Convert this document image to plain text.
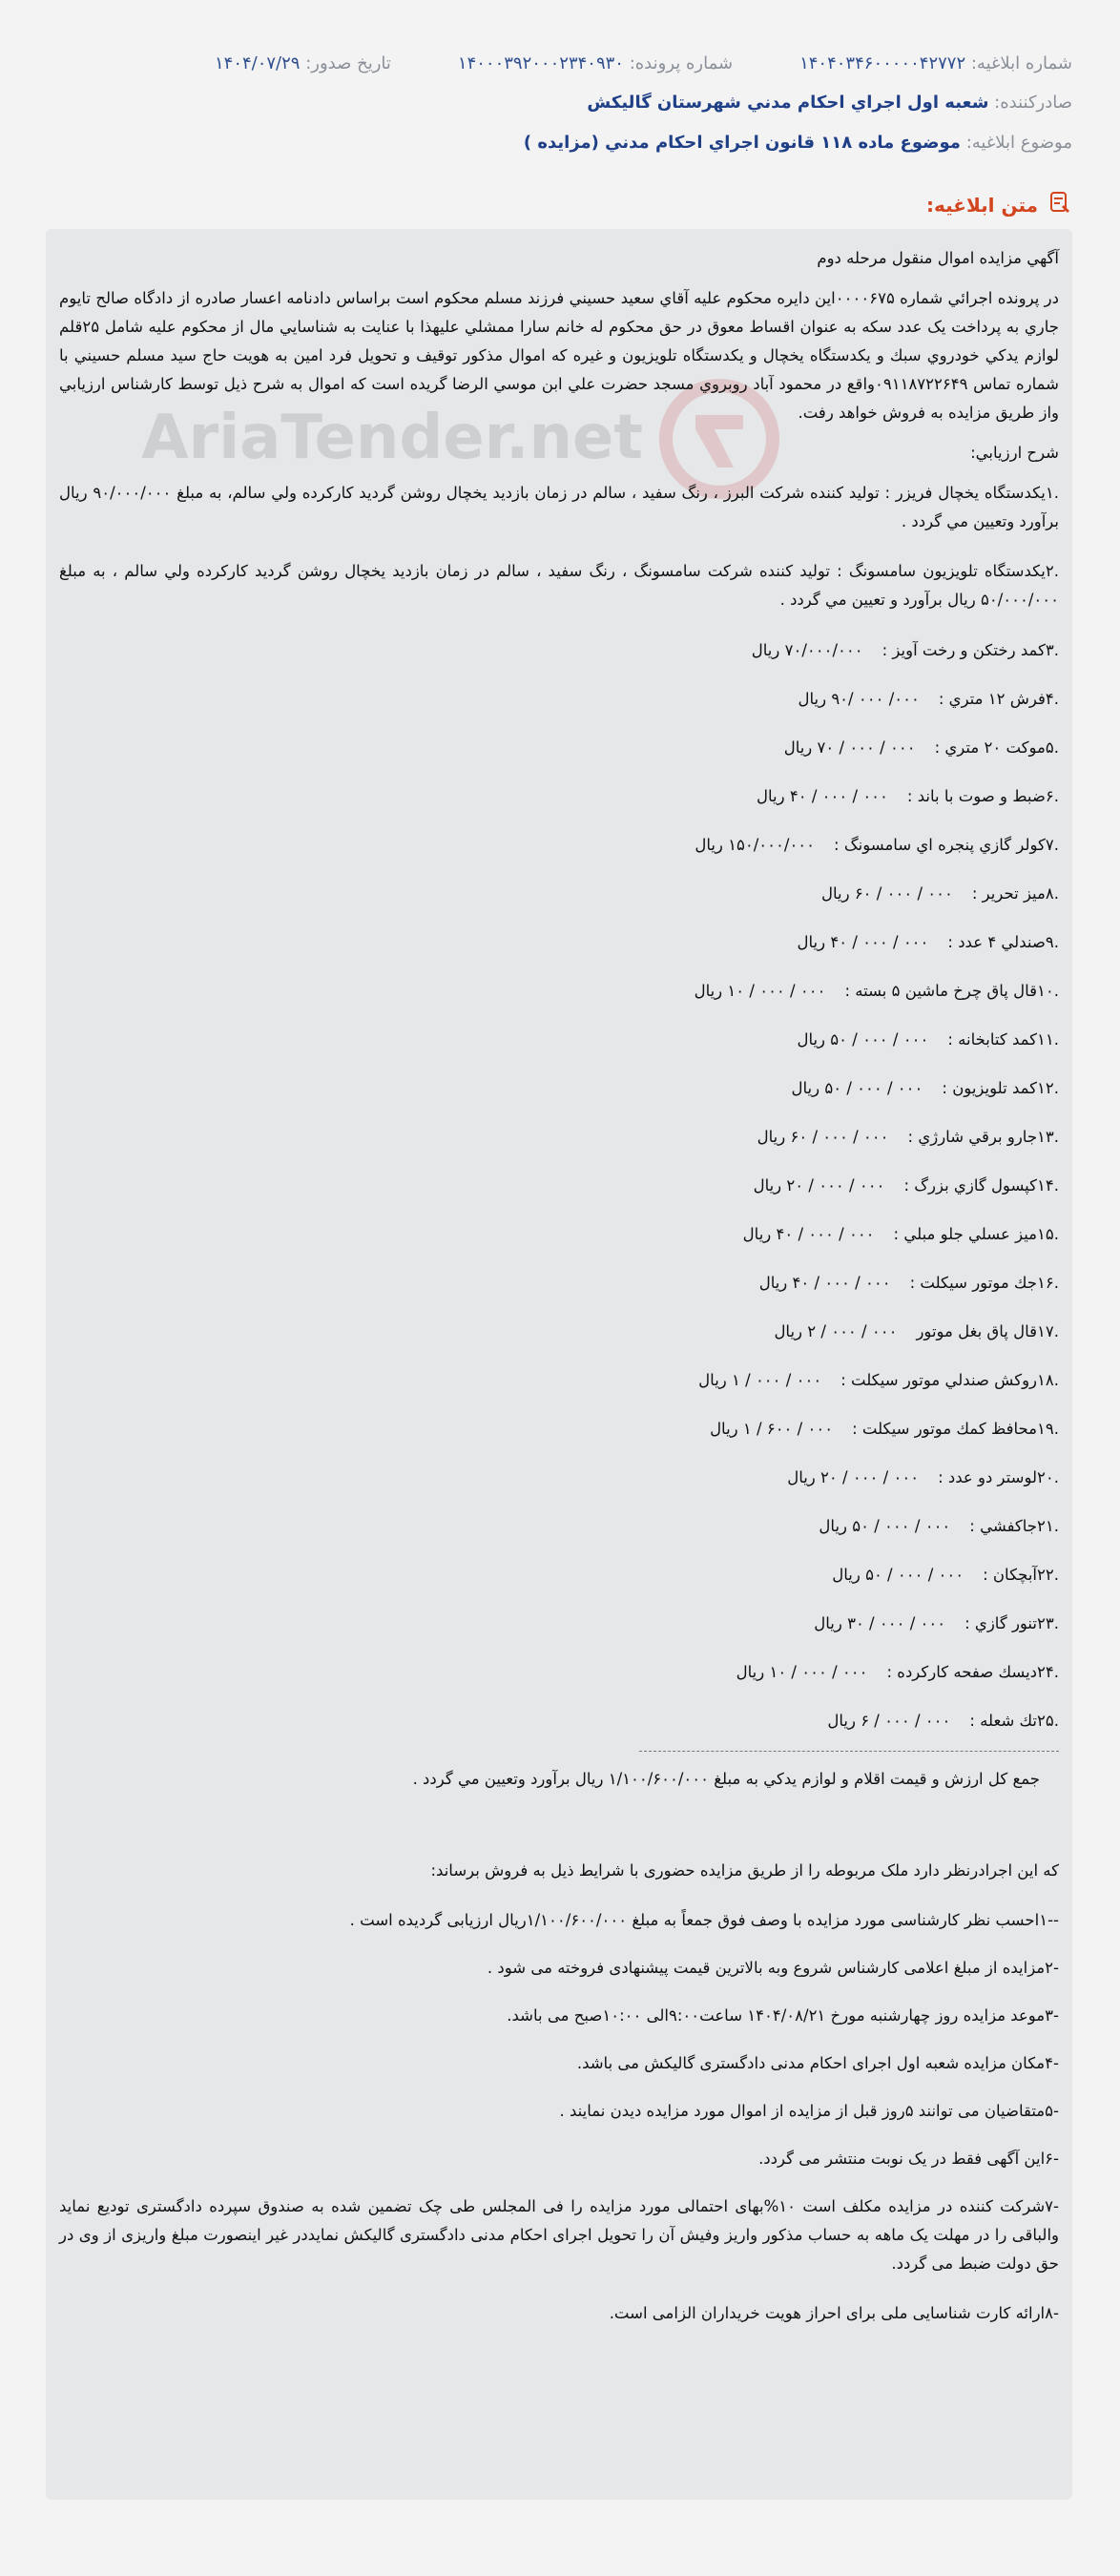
شماره ابلاغیه: ۱۴۰۴۰۳۴۶۰۰۰۰۰۴۲۷۷۲
شماره پرونده: ۱۴۰۰۰۳۹۲۰۰۰۲۳۴۰۹۳۰
تاریخ صدور: ۱۴۰۴/۰۷/۲۹
صادرکننده: شعبه اول اجراي احكام مدني شهرستان گاليكش
موضوع ابلاغیه: موضوع ماده ۱۱۸ قانون اجراي احكام مدني (مزايده )
متن ابلاغیه:

آگهي مزايده اموال منقول مرحله دوم

در پرونده اجرائي شماره ۰۰۰۰۶۷۵اين دايره محكوم عليه آقاي سعيد حسيني فرزند مسلم محكوم است براساس دادنامه اعسار صادره از دادگاه صالح تايوم جاري به پرداخت يک عدد سکه به عنوان اقساط معوق در حق محكوم له خانم سارا ممشلي عليهذا با عنايت به شناسايي مال از محكوم عليه شامل ۲۵قلم لوازم يدكي خودروي سبك و يكدستگاه يخچال و يكدستگاه تلويزيون و غيره كه اموال مذكور توقيف و تحويل فرد امين به هويت حاج سيد مسلم حسيني با شماره تماس ۰۹۱۱۸۷۲۲۶۴۹واقع در محمود آباد روبروي مسجد حضرت علي ابن موسي الرضا گريده است كه اموال به شرح ذيل توسط كارشناس ارزيابي واز طريق مزايده به فروش خواهد رفت.

شرح ارزيابي:

.۱يكدستگاه يخچال فريزر : توليد كننده شركت البرز ، رنگ سفيد ، سالم در زمان بازديد يخچال روشن گرديد كاركرده ولي سالم، به مبلغ ۹۰/۰۰۰/۰۰۰ ريال برآورد وتعيين مي گردد .

.۲يكدستگاه تلويزيون سامسونگ : توليد كننده شركت سامسونگ ، رنگ سفيد ، سالم در زمان بازديد يخچال روشن گرديد كاركرده ولي سالم ، به مبلغ ۵۰/۰۰۰/۰۰۰ ريال برآورد و تعيين مي گردد .

.۳كمد رختكن و رخت آويز :۷۰/۰۰۰/۰۰۰ ريال
.۴فرش ۱۲ متري :۰۰۰/ ۰۰۰ /۹۰ ريال
.۵موكت ۲۰ متري :۰۰۰ / ۰۰۰ / ۷۰ ريال
.۶ضبط و صوت با باند :۰۰۰ / ۰۰۰ / ۴۰ ريال
.۷كولر گازي پنجره اي سامسونگ :۱۵۰/۰۰۰/۰۰۰ ريال
.۸ميز تحرير :۰۰۰ / ۰۰۰ / ۶۰ ريال
.۹صندلي ۴ عدد :۰۰۰ / ۰۰۰ / ۴۰ ريال
.۱۰قال پاق چرخ ماشين ۵ بسته :۰۰۰ / ۰۰۰ / ۱۰ ريال
.۱۱كمد كتابخانه :۰۰۰ / ۰۰۰ / ۵۰ ريال
.۱۲كمد تلويزيون :۰۰۰ / ۰۰۰ / ۵۰ ريال
.۱۳جارو برقي شارژي :۰۰۰ / ۰۰۰ / ۶۰ ريال
.۱۴كپسول گازي بزرگ :۰۰۰ / ۰۰۰ / ۲۰ ريال
.۱۵ميز عسلي جلو مبلي :۰۰۰ / ۰۰۰ / ۴۰ ريال
.۱۶جك موتور سيكلت :۰۰۰ / ۰۰۰ / ۴۰ ريال
.۱۷قال پاق بغل موتور۰۰۰ / ۰۰۰ / ۲ ريال
.۱۸روكش صندلي موتور سيكلت :۰۰۰ / ۰۰۰ / ۱ ريال
.۱۹محافظ كمك موتور سيكلت :۰۰۰ / ۶۰۰ / ۱ ريال
.۲۰لوستر دو عدد :۰۰۰ / ۰۰۰ / ۲۰ ريال
.۲۱جاكفشي :۰۰۰ / ۰۰۰ / ۵۰ ريال
.۲۲آبچكان :۰۰۰ / ۰۰۰ / ۵۰ ريال
.۲۳تنور گازي :۰۰۰ / ۰۰۰ / ۳۰ ريال
.۲۴ديسك صفحه كاركرده :۰۰۰ / ۰۰۰ / ۱۰ ريال
.۲۵تك شعله :۰۰۰ / ۰۰۰ / ۶ ريال

جمع كل ارزش و قيمت اقلام و لوازم يدكي به مبلغ ۱/۱۰۰/۶۰۰/۰۰۰ ريال برآورد وتعيين مي گردد .

كه اين اجرادرنظر دارد ملک مربوطه را از طریق مزایده حضوری با شرایط ذیل به فروش برساند:

--۱احسب نظر کارشناسی مورد مزایده با وصف فوق جمعاً به مبلغ ۱/۱۰۰/۶۰۰/۰۰۰ریال ارزیابی گردیده است .

-۲مزایده از مبلغ اعلامی کارشناس شروع وبه بالاترین قیمت پیشنهادی فروخته می شود .

-۳موعد مزایده روز چهارشنبه مورخ ۱۴۰۴/۰۸/۲۱ ساعت۹:۰۰الی ۱۰:۰۰صبح می باشد.

-۴مکان مزایده شعبه اول اجرای احکام مدنی دادگستری گالیکش می باشد.

-۵متقاضیان می توانند ۵روز قبل از مزایده از اموال مورد مزایده دیدن نمایند .

-۶این آگهی فقط در یک نوبت منتشر می گردد.

-۷شرکت کننده در مزایده مکلف است ۱۰%بهای احتمالی مورد مزایده را فی المجلس طی چک تضمین شده به صندوق سپرده دادگستری تودیع نماید والباقی را در مهلت یک ماهه به حساب مذکور واریز وفیش آن را تحویل اجرای احکام مدنی دادگستری گالیکش نمایددر غیر اینصورت مبلغ واریزی از وی در حق دولت ضبط می گردد.

-۸ارائه کارت شناسایی ملی برای احراز هویت خریداران الزامی است.
